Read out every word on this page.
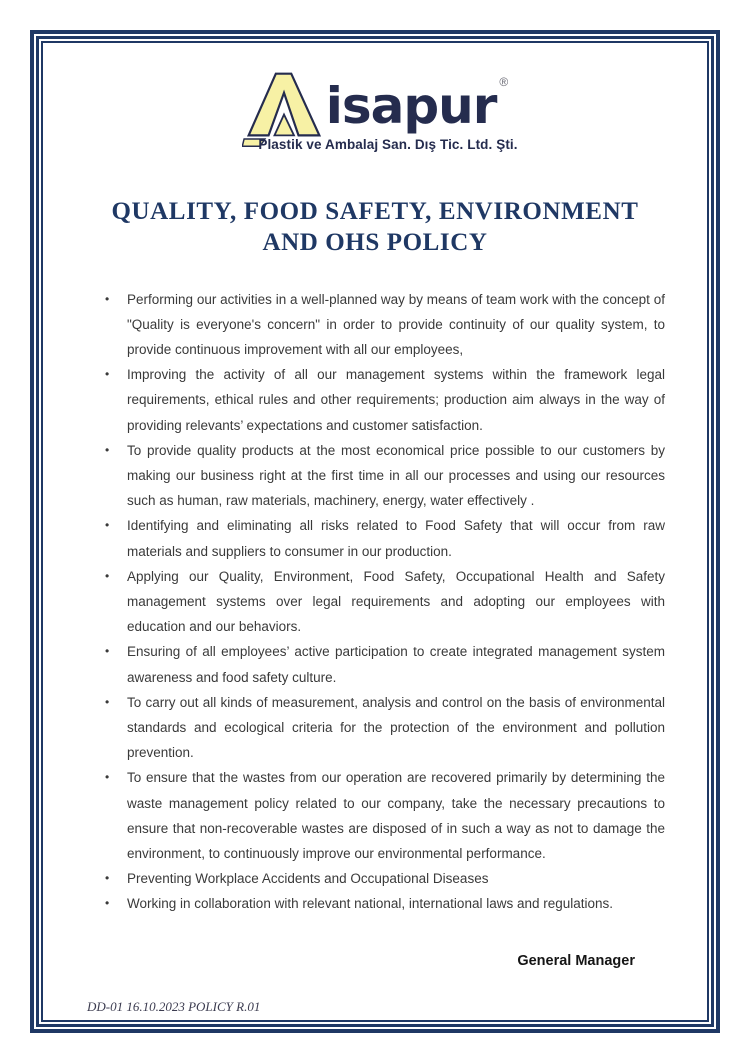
isapur ®
Plastik ve Ambalaj San. Dış Tic. Ltd. Şti.
QUALITY, FOOD SAFETY, ENVIRONMENT
AND OHS POLICY
•	Performing our activities in a well-planned way by means of team work with the concept of "Quality is everyone's concern" in order to provide continuity of our quality system, to provide continuous improvement with all our employees,
•	Improving the activity of all our management systems within the framework legal requirements, ethical rules and other requirements; production aim always in the way of providing relevants’ expectations and customer satisfaction.
•	To provide quality products at the most economical price possible to our customers by making our business right at the first time in all our processes and using our resources such as human, raw materials, machinery, energy, water effectively .
•	Identifying and eliminating all risks related to Food Safety that will occur from raw materials and suppliers to consumer in our production.
•	Applying our Quality, Environment, Food Safety, Occupational Health and Safety management systems over legal requirements and adopting our employees with education and our behaviors.
•	Ensuring of all employees’ active participation to create integrated management system awareness and food safety culture.
•	To carry out all kinds of measurement, analysis and control on the basis of environmental standards and ecological criteria for the protection of the environment and pollution prevention.
•	To ensure that the wastes from our operation are recovered primarily by determining the waste management policy related to our company, take the necessary precautions to ensure that non-recoverable wastes are disposed of in such a way as not to damage the environment, to continuously improve our environmental performance.
•	Preventing Workplace Accidents and Occupational Diseases
•	Working in collaboration with relevant national, international laws and regulations.
General Manager
DD-01 16.10.2023 POLICY R.01
